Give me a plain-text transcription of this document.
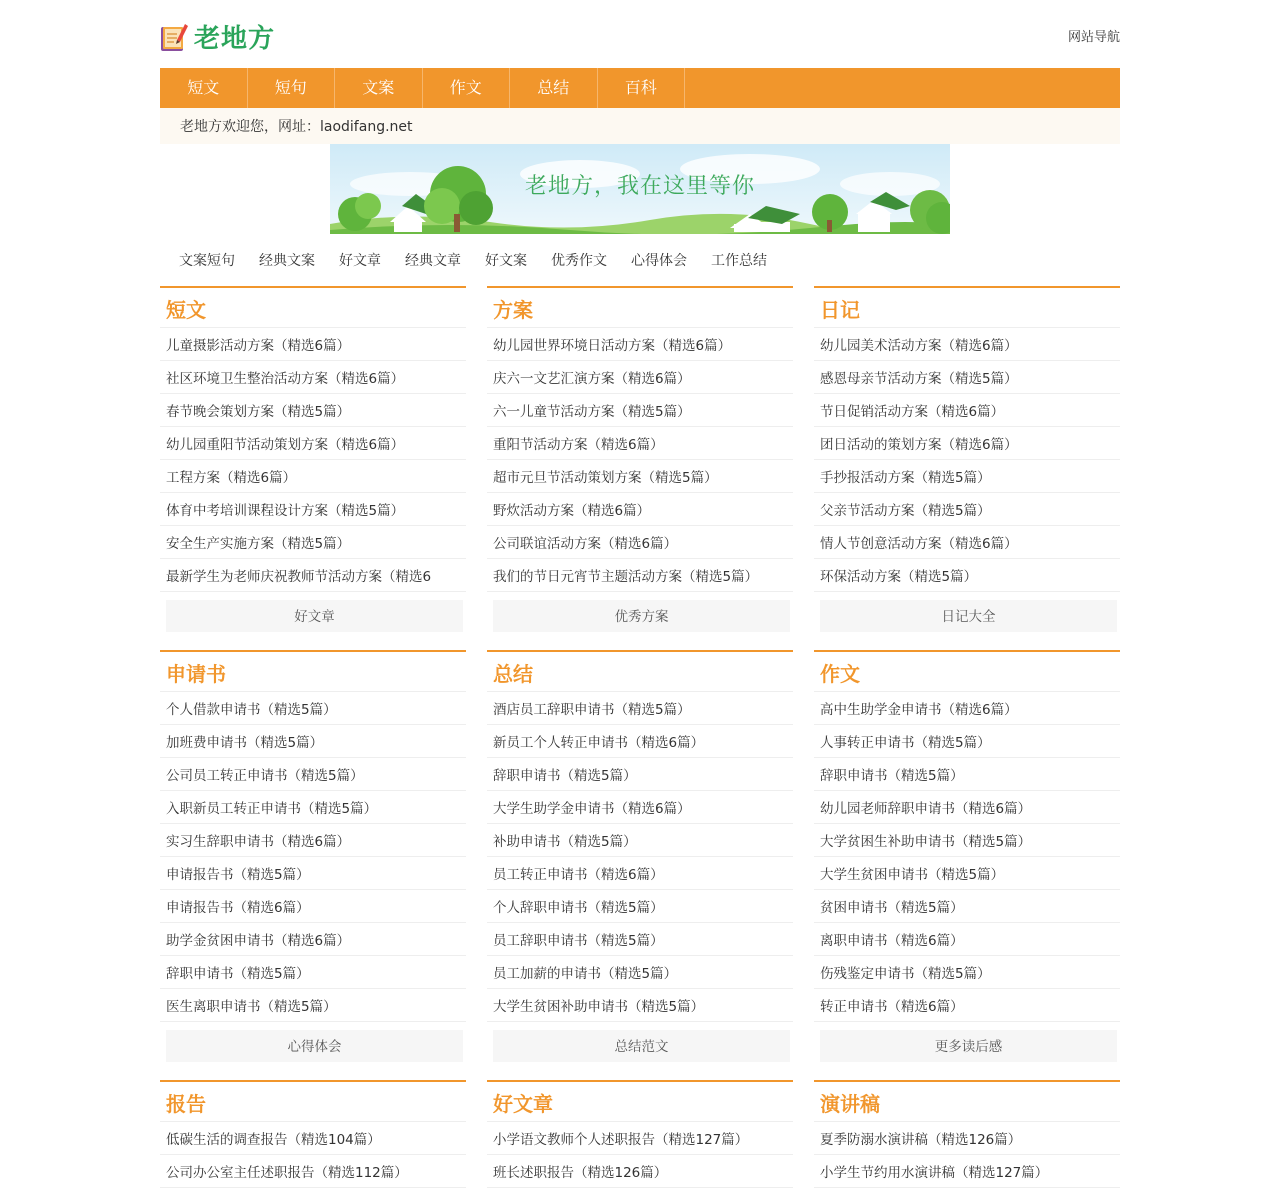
老地方	网站导航
短文	短句	文案	作文	总结	百科
老地方欢迎您，网址：laodifang.net
老地方，我在这里等你
文案短句 经典文案 好文章 经典文章 好文案 优秀作文 心得体会 工作总结
短文
儿童摄影活动方案（精选6篇）
社区环境卫生整治活动方案（精选6篇）
春节晚会策划方案（精选5篇）
幼儿园重阳节活动策划方案（精选6篇）
工程方案（精选6篇）
体育中考培训课程设计方案（精选5篇）
安全生产实施方案（精选5篇）
最新学生为老师庆祝教师节活动方案（精选6
好文章
方案
幼儿园世界环境日活动方案（精选6篇）
庆六一文艺汇演方案（精选6篇）
六一儿童节活动方案（精选5篇）
重阳节活动方案（精选6篇）
超市元旦节活动策划方案（精选5篇）
野炊活动方案（精选6篇）
公司联谊活动方案（精选6篇）
我们的节日元宵节主题活动方案（精选5篇）
优秀方案
日记
幼儿园美术活动方案（精选6篇）
感恩母亲节活动方案（精选5篇）
节日促销活动方案（精选6篇）
团日活动的策划方案（精选6篇）
手抄报活动方案（精选5篇）
父亲节活动方案（精选5篇）
情人节创意活动方案（精选6篇）
环保活动方案（精选5篇）
日记大全
申请书
个人借款申请书（精选5篇）
加班费申请书（精选5篇）
公司员工转正申请书（精选5篇）
入职新员工转正申请书（精选5篇）
实习生辞职申请书（精选6篇）
申请报告书（精选5篇）
申请报告书（精选6篇）
助学金贫困申请书（精选6篇）
辞职申请书（精选5篇）
医生离职申请书（精选5篇）
心得体会
总结
酒店员工辞职申请书（精选5篇）
新员工个人转正申请书（精选6篇）
辞职申请书（精选5篇）
大学生助学金申请书（精选6篇）
补助申请书（精选5篇）
员工转正申请书（精选6篇）
个人辞职申请书（精选5篇）
员工辞职申请书（精选5篇）
员工加薪的申请书（精选5篇）
大学生贫困补助申请书（精选5篇）
总结范文
作文
高中生助学金申请书（精选6篇）
人事转正申请书（精选5篇）
辞职申请书（精选5篇）
幼儿园老师辞职申请书（精选6篇）
大学贫困生补助申请书（精选5篇）
大学生贫困申请书（精选5篇）
贫困申请书（精选5篇）
离职申请书（精选6篇）
伤残鉴定申请书（精选5篇）
转正申请书（精选6篇）
更多读后感
报告
低碳生活的调查报告（精选104篇）
公司办公室主任述职报告（精选112篇）
好文章
小学语文教师个人述职报告（精选127篇）
班长述职报告（精选126篇）
演讲稿
夏季防溺水演讲稿（精选126篇）
小学生节约用水演讲稿（精选127篇）
